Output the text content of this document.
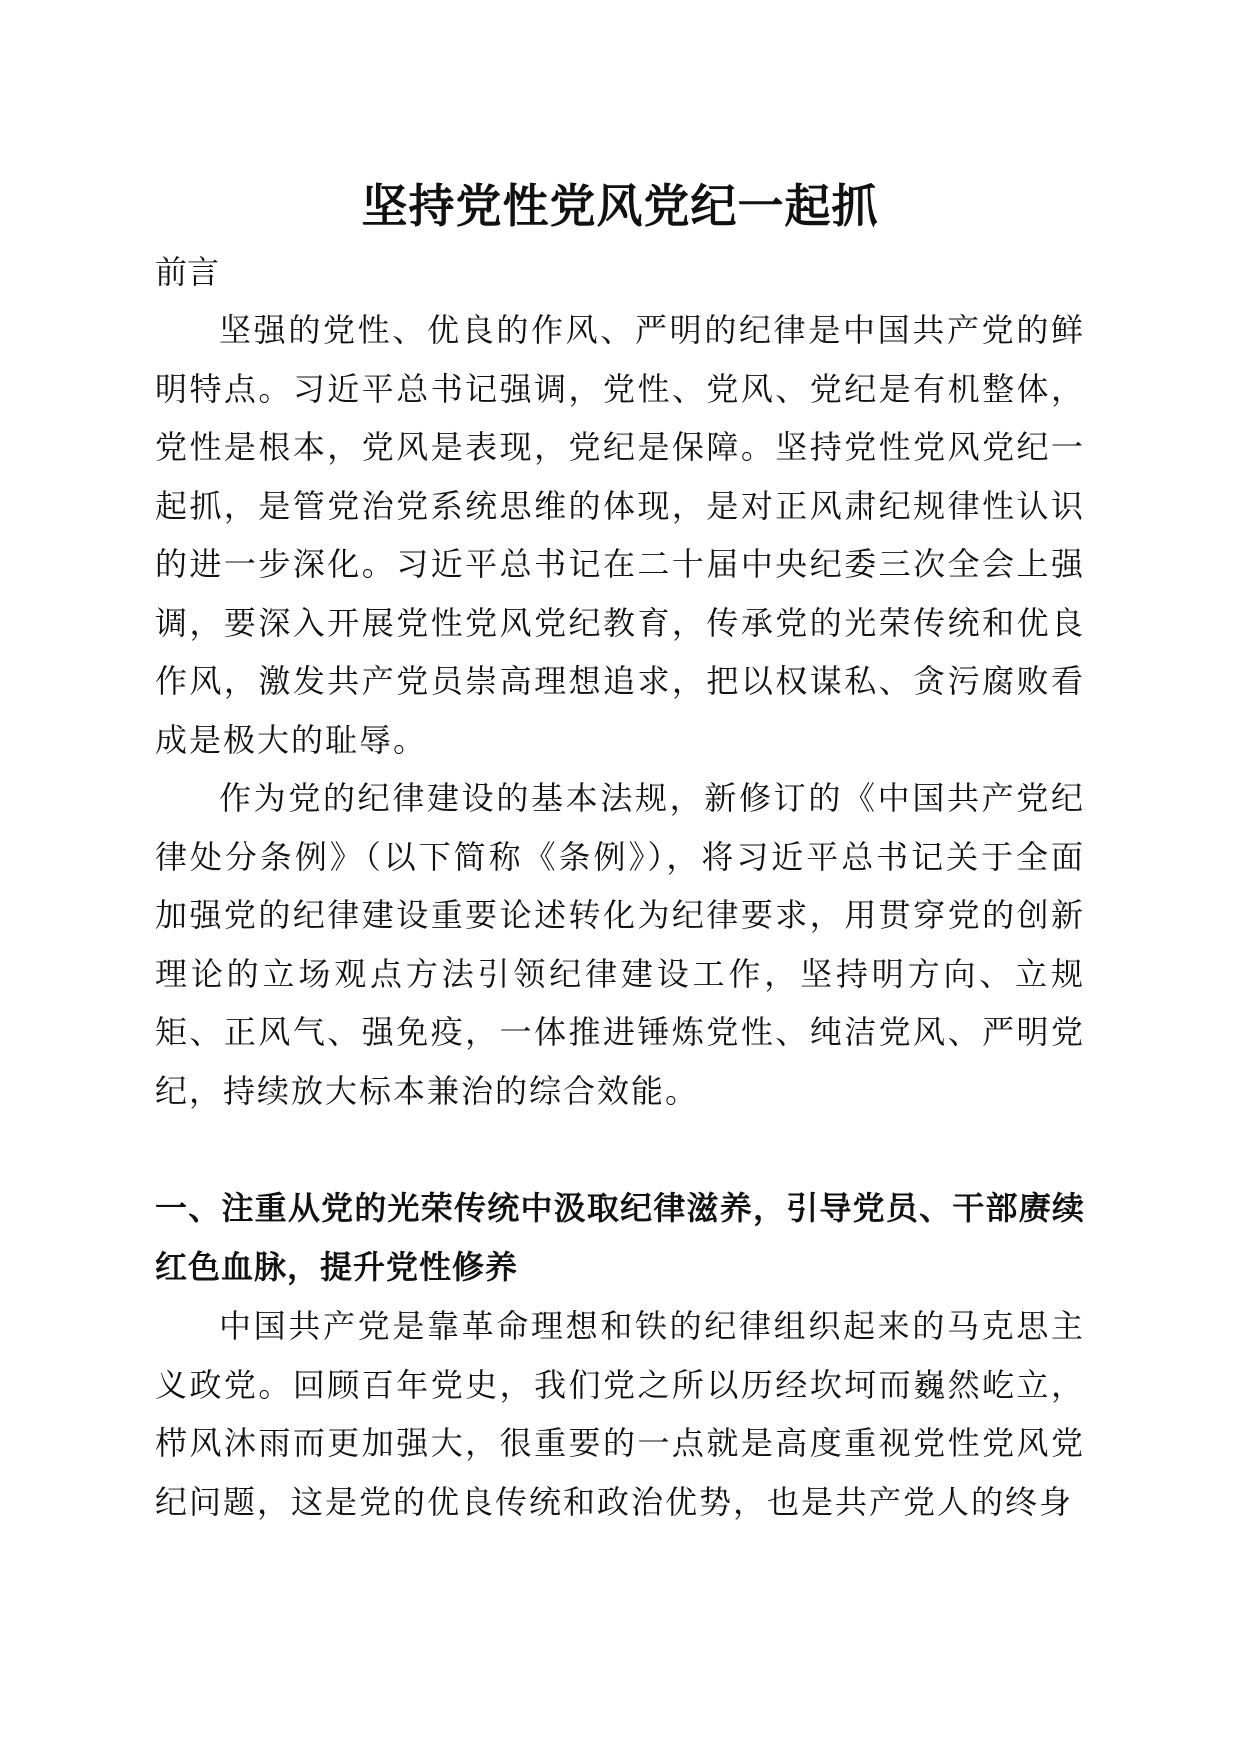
坚持党性党风党纪一起抓

前言

坚强的党性、优良的作风、严明的纪律是中国共产党的鲜明特点。习近平总书记强调，党性、党风、党纪是有机整体，党性是根本，党风是表现，党纪是保障。坚持党性党风党纪一起抓，是管党治党系统思维的体现，是对正风肃纪规律性认识的进一步深化。习近平总书记在二十届中央纪委三次全会上强调，要深入开展党性党风党纪教育，传承党的光荣传统和优良作风，激发共产党员崇高理想追求，把以权谋私、贪污腐败看成是极大的耻辱。

作为党的纪律建设的基本法规，新修订的《中国共产党纪律处分条例》（以下简称《条例》），将习近平总书记关于全面加强党的纪律建设重要论述转化为纪律要求，用贯穿党的创新理论的立场观点方法引领纪律建设工作，坚持明方向、立规矩、正风气、强免疫，一体推进锤炼党性、纯洁党风、严明党纪，持续放大标本兼治的综合效能。

一、注重从党的光荣传统中汲取纪律滋养，引导党员、干部赓续红色血脉，提升党性修养

中国共产党是靠革命理想和铁的纪律组织起来的马克思主义政党。回顾百年党史，我们党之所以历经坎坷而巍然屹立，栉风沐雨而更加强大，很重要的一点就是高度重视党性党风党纪问题，这是党的优良传统和政治优势，也是共产党人的终身
